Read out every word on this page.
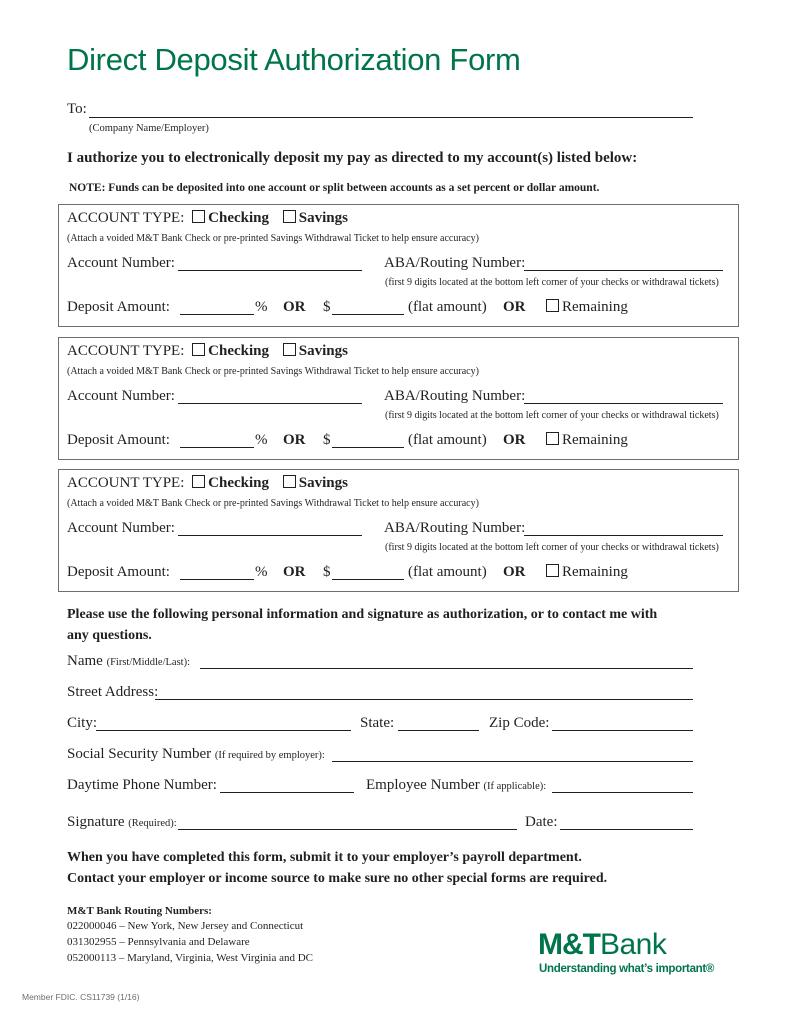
Direct Deposit Authorization Form
To:
(Company Name/Employer)
I authorize you to electronically deposit my pay as directed to my account(s) listed below:
NOTE: Funds can be deposited into one account or split between accounts as a set percent or dollar amount.
ACCOUNT TYPE: Checking Savings
(Attach a voided M&T Bank Check or pre-printed Savings Withdrawal Ticket to help ensure accuracy)
Account Number:	ABA/Routing Number:
(first 9 digits located at the bottom left corner of your checks or withdrawal tickets)
Deposit Amount:	% OR $	(flat amount) OR	Remaining
ACCOUNT TYPE: Checking Savings
(Attach a voided M&T Bank Check or pre-printed Savings Withdrawal Ticket to help ensure accuracy)
Account Number:	ABA/Routing Number:
(first 9 digits located at the bottom left corner of your checks or withdrawal tickets)
Deposit Amount:	% OR $	(flat amount) OR	Remaining
ACCOUNT TYPE: Checking Savings
(Attach a voided M&T Bank Check or pre-printed Savings Withdrawal Ticket to help ensure accuracy)
Account Number:	ABA/Routing Number:
(first 9 digits located at the bottom left corner of your checks or withdrawal tickets)
Deposit Amount:	% OR $	(flat amount) OR	Remaining
Please use the following personal information and signature as authorization, or to contact me with
any questions.
Name (First/Middle/Last):
Street Address:
City:	State:	Zip Code:
Social Security Number (If required by employer):
Daytime Phone Number:	Employee Number (If applicable):
Signature (Required):	Date:
When you have completed this form, submit it to your employer’s payroll department.
Contact your employer or income source to make sure no other special forms are required.
M&T Bank Routing Numbers:
022000046 – New York, New Jersey and Connecticut
031302955 – Pennsylvania and Delaware
052000113 – Maryland, Virginia, West Virginia and DC	M&TBank
Understanding what’s important®
Member FDIC. CS11739 (1/16)
